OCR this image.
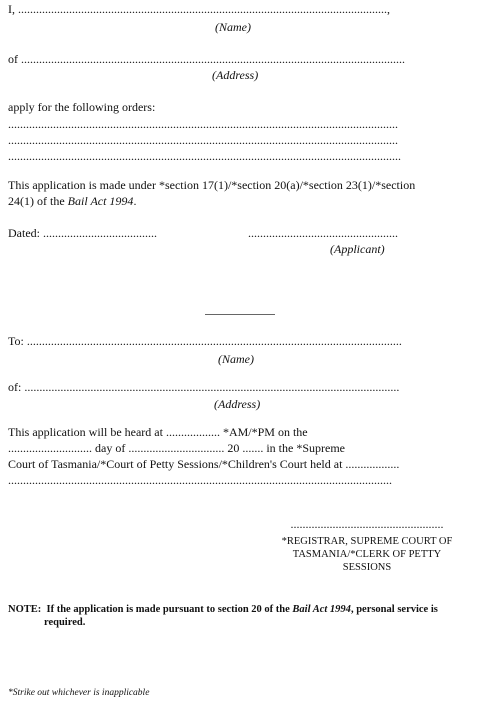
I, ...........................................................................................................................,
(Name)
of ................................................................................................................................
(Address)
apply for the following orders:
..................................................................................................................................
..................................................................................................................................
...................................................................................................................................
This application is made under *section 17(1)/*section 20(a)/*section 23(1)/*section
24(1) of the Bail Act 1994.
Dated: ......................................	..................................................
(Applicant)
To: .............................................................................................................................
(Name)
of: .............................................................................................................................
(Address)
This application will be heard at .................. *AM/*PM on the
............................ day of ................................ 20 ....... in the *Supreme
Court of Tasmania/*Court of Petty Sessions/*Children's Court held at ..................
................................................................................................................................
...................................................
*REGISTRAR, SUPREME COURT OF
TASMANIA/*CLERK OF PETTY
SESSIONS
NOTE: If the application is made pursuant to section 20 of the Bail Act 1994, personal service is
required.
*Strike out whichever is inapplicable
